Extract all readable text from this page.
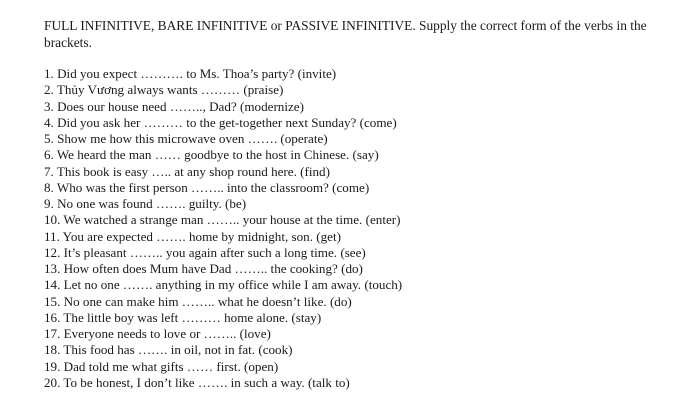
FULL INFINITIVE, BARE INFINITIVE or PASSIVE INFINITIVE. Supply the correct form of the verbs in the brackets.

1. Did you expect ………. to Ms. Thoa’s party? (invite)
2. Thủy Vương always wants ……… (praise)
3. Does our house need …….., Dad? (modernize)
4. Did you ask her ……… to the get-together next Sunday? (come)
5. Show me how this microwave oven ……. (operate)
6. We heard the man …… goodbye to the host in Chinese. (say)
7. This book is easy ….. at any shop round here. (find)
8. Who was the first person …….. into the classroom? (come)
9. No one was found ……. guilty. (be)
10. We watched a strange man …….. your house at the time. (enter)
11. You are expected ……. home by midnight, son. (get)
12. It’s pleasant …….. you again after such a long time. (see)
13. How often does Mum have Dad …….. the cooking? (do)
14. Let no one ……. anything in my office while I am away. (touch)
15. No one can make him …….. what he doesn’t like. (do)
16. The little boy was left ……… home alone. (stay)
17. Everyone needs to love or …….. (love)
18. This food has ……. in oil, not in fat. (cook)
19. Dad told me what gifts …… first. (open)
20. To be honest, I don’t like ……. in such a way. (talk to)
